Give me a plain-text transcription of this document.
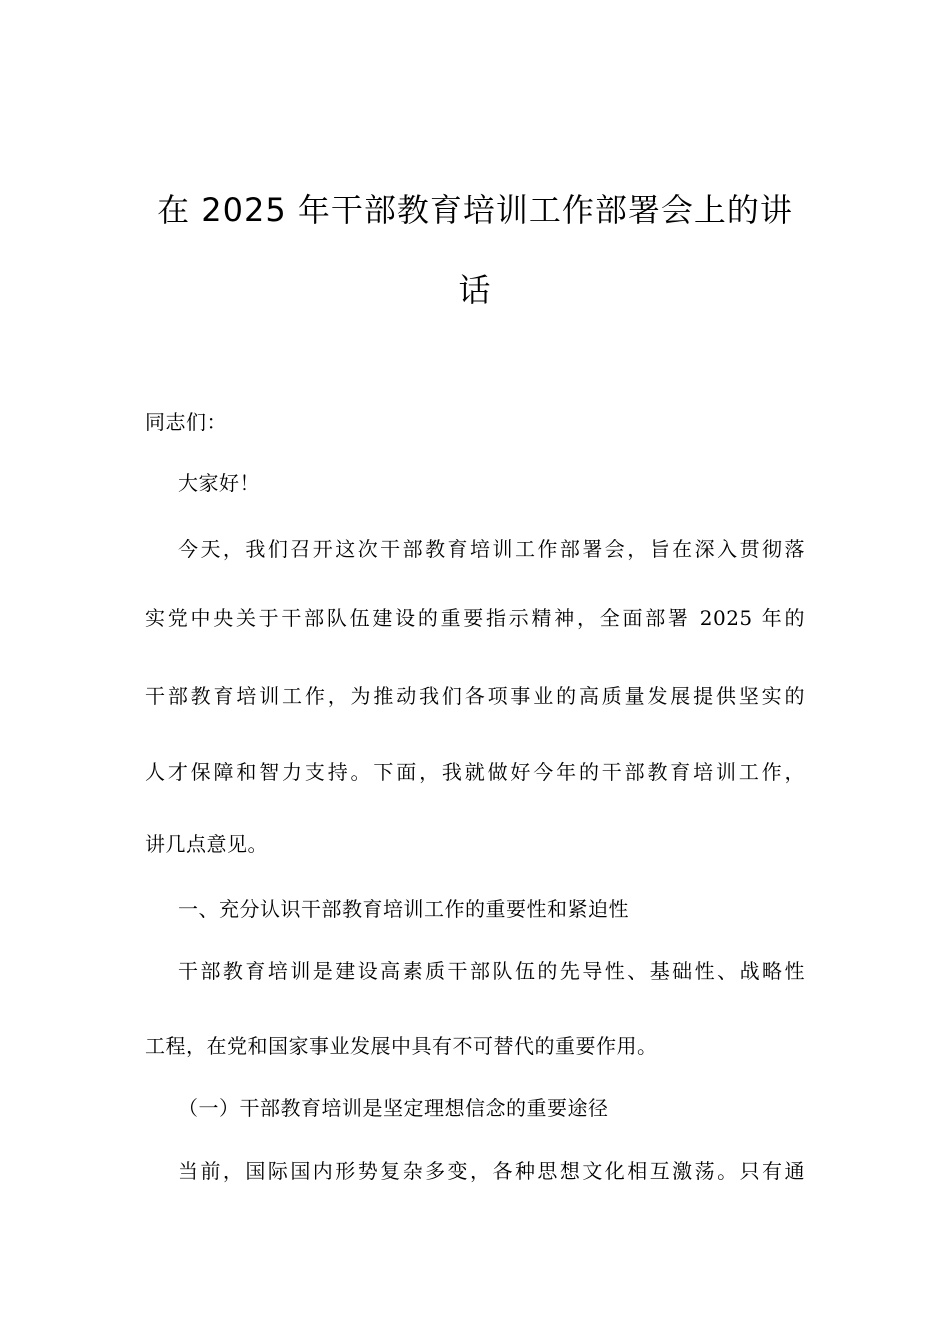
在 2025 年干部教育培训工作部署会上的讲
话
同志们：
大家好！
今天，我们召开这次干部教育培训工作部署会，旨在深入贯彻落
实党中央关于干部队伍建设的重要指示精神，全面部署 2025 年的
干部教育培训工作，为推动我们各项事业的高质量发展提供坚实的
人才保障和智力支持。下面，我就做好今年的干部教育培训工作，
讲几点意见。
一、充分认识干部教育培训工作的重要性和紧迫性
干部教育培训是建设高素质干部队伍的先导性、基础性、战略性
工程，在党和国家事业发展中具有不可替代的重要作用。
（一）干部教育培训是坚定理想信念的重要途径
当前，国际国内形势复杂多变，各种思想文化相互激荡。只有通
